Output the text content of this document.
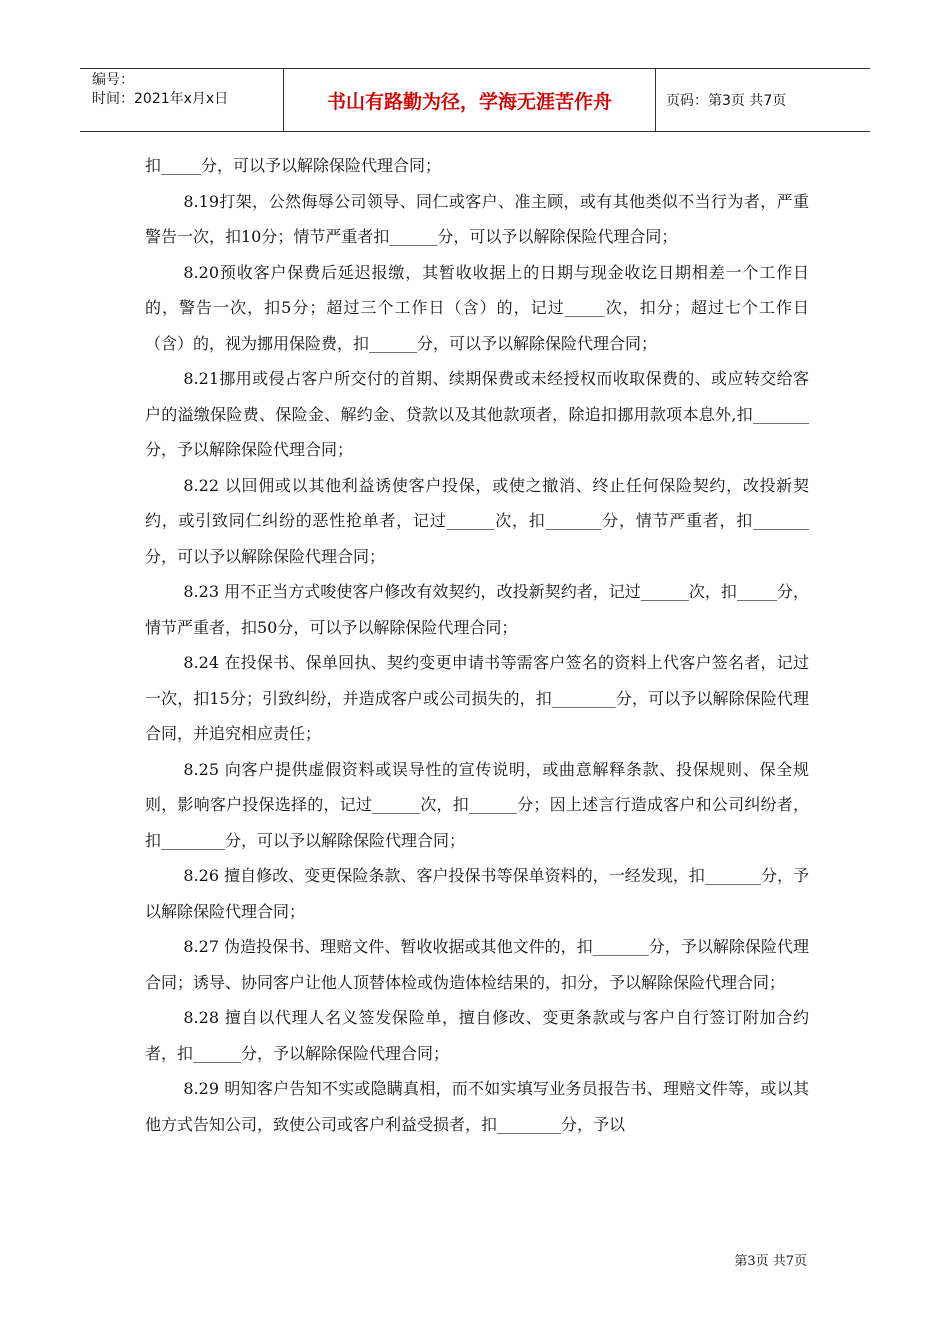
编号：
时间：2021年x月x日	书山有路勤为径，学海无涯苦作舟	页码：第3页 共7页

扣_____分，可以予以解除保险代理合同；

8.19打架，公然侮辱公司领导、同仁或客户、准主顾，或有其他类似不当行为者，严重警告一次，扣10分；情节严重者扣______分，可以予以解除保险代理合同；

8.20预收客户保费后延迟报缴，其暂收收据上的日期与现金收讫日期相差一个工作日的，警告一次，扣5分；超过三个工作日（含）的，记过_____次，扣分；超过七个工作日（含）的，视为挪用保险费，扣______分，可以予以解除保险代理合同；

8.21挪用或侵占客户所交付的首期、续期保费或未经授权而收取保费的、或应转交给客户的溢缴保险费、保险金、解约金、贷款以及其他款项者，除追扣挪用款项本息外,扣_______分，予以解除保险代理合同；

8.22 以回佣或以其他利益诱使客户投保，或使之撤消、终止任何保险契约，改投新契约，或引致同仁纠纷的恶性抢单者，记过______次，扣_______分，情节严重者，扣_______分，可以予以解除保险代理合同；

8.23 用不正当方式唆使客户修改有效契约，改投新契约者，记过______次，扣_____分，情节严重者，扣50分，可以予以解除保险代理合同；

8.24 在投保书、保单回执、契约变更申请书等需客户签名的资料上代客户签名者，记过一次，扣15分；引致纠纷，并造成客户或公司损失的，扣________分，可以予以解除保险代理合同，并追究相应责任；

8.25 向客户提供虚假资料或误导性的宣传说明，或曲意解释条款、投保规则、保全规则，影响客户投保选择的，记过______次，扣______分；因上述言行造成客户和公司纠纷者，扣________分，可以予以解除保险代理合同；

8.26 擅自修改、变更保险条款、客户投保书等保单资料的，一经发现，扣_______分，予以解除保险代理合同；

8.27 伪造投保书、理赔文件、暂收收据或其他文件的，扣_______分，予以解除保险代理合同；诱导、协同客户让他人顶替体检或伪造体检结果的，扣分，予以解除保险代理合同；

8.28 擅自以代理人名义签发保险单，擅自修改、变更条款或与客户自行签订附加合约者，扣______分，予以解除保险代理合同；

8.29 明知客户告知不实或隐瞒真相，而不如实填写业务员报告书、理赔文件等，或以其他方式告知公司，致使公司或客户利益受损者，扣________分，予以

第3页 共7页
